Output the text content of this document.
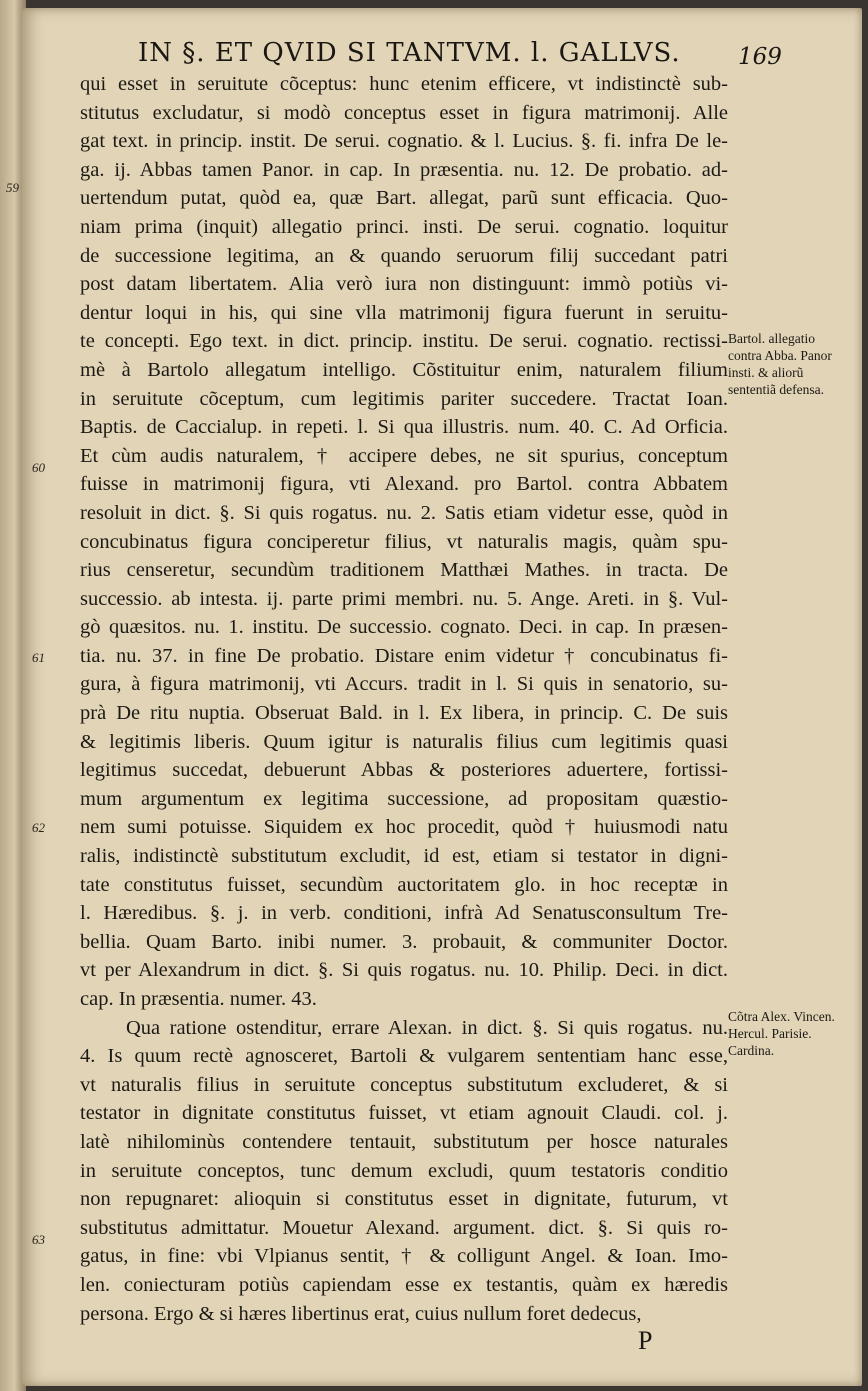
IN §. ET QVID SI TANTVM. l. GALLVS.	169
59
60
61
62
63
qui esset in seruitute cõceptus: hunc etenim efficere, vt indistinctè sub-
stitutus excludatur, si modò conceptus esset in figura matrimonij. Alle
gat text. in princip. instit. De serui. cognatio. & l. Lucius. §. fi. infra De le-
ga. ij. Abbas tamen Panor. in cap. In præsentia. nu. 12. De probatio. ad-
uertendum putat, quòd ea, quæ Bart. allegat, parũ sunt efficacia. Quo-
niam prima (inquit) allegatio princi. insti. De serui. cognatio. loquitur
de successione legitima, an & quando seruorum filij succedant patri
post datam libertatem. Alia verò iura non distinguunt: immò potiùs vi-
dentur loqui in his, qui sine vlla matrimonij figura fuerunt in seruitu-
te concepti. Ego text. in dict. princip. institu. De serui. cognatio. rectissi-
mè à Bartolo allegatum intelligo. Cõstituitur enim, naturalem filium
in seruitute cõceptum, cum legitimis pariter succedere. Tractat Ioan.
Baptis. de Caccialup. in repeti. l. Si qua illustris. num. 40. C. Ad Orficia.
Et cùm audis naturalem, † accipere debes, ne sit spurius, conceptum
fuisse in matrimonij figura, vti Alexand. pro Bartol. contra Abbatem
resoluit in dict. §. Si quis rogatus. nu. 2. Satis etiam videtur esse, quòd in
concubinatus figura conciperetur filius, vt naturalis magis, quàm spu-
rius censeretur, secundùm traditionem Matthæi Mathes. in tracta. De
successio. ab intesta. ij. parte primi membri. nu. 5. Ange. Areti. in §. Vul-
gò quæsitos. nu. 1. institu. De successio. cognato. Deci. in cap. In præsen-
tia. nu. 37. in fine De probatio. Distare enim videtur † concubinatus fi-
gura, à figura matrimonij, vti Accurs. tradit in l. Si quis in senatorio, su-
prà De ritu nuptia. Obseruat Bald. in l. Ex libera, in princip. C. De suis
& legitimis liberis. Quum igitur is naturalis filius cum legitimis quasi
legitimus succedat, debuerunt Abbas & posteriores aduertere, fortissi-
mum argumentum ex legitima successione, ad propositam quæstio-
nem sumi potuisse. Siquidem ex hoc procedit, quòd † huiusmodi natu
ralis, indistinctè substitutum excludit, id est, etiam si testator in digni-
tate constitutus fuisset, secundùm auctoritatem glo. in hoc receptæ in
l. Hæredibus. §. j. in verb. conditioni, infrà Ad Senatusconsultum Tre-
bellia. Quam Barto. inibi numer. 3. probauit, & communiter Doctor.
vt per Alexandrum in dict. §. Si quis rogatus. nu. 10. Philip. Deci. in dict.
cap. In præsentia. numer. 43.
Qua ratione ostenditur, errare Alexan. in dict. §. Si quis rogatus. nu.
4. Is quum rectè agnosceret, Bartoli & vulgarem sententiam hanc esse,
vt naturalis filius in seruitute conceptus substitutum excluderet, & si
testator in dignitate constitutus fuisset, vt etiam agnouit Claudi. col. j.
latè nihilominùs contendere tentauit, substitutum per hosce naturales
in seruitute conceptos, tunc demum excludi, quum testatoris conditio
non repugnaret: alioquin si constitutus esset in dignitate, futurum, vt
substitutus admittatur. Mouetur Alexand. argument. dict. §. Si quis ro-
gatus, in fine: vbi Vlpianus sentit, † & colligunt Angel. & Ioan. Imo-
len. coniecturam potiùs capiendam esse ex testantis, quàm ex hæredis
persona. Ergo & si hæres libertinus erat, cuius nullum foret dedecus,
Bartol. allegatio contra Abba. Panor insti. & aliorũ sententiã defensa.
Cõtra Alex. Vincen. Hercul. Parisie. Cardina.
P
